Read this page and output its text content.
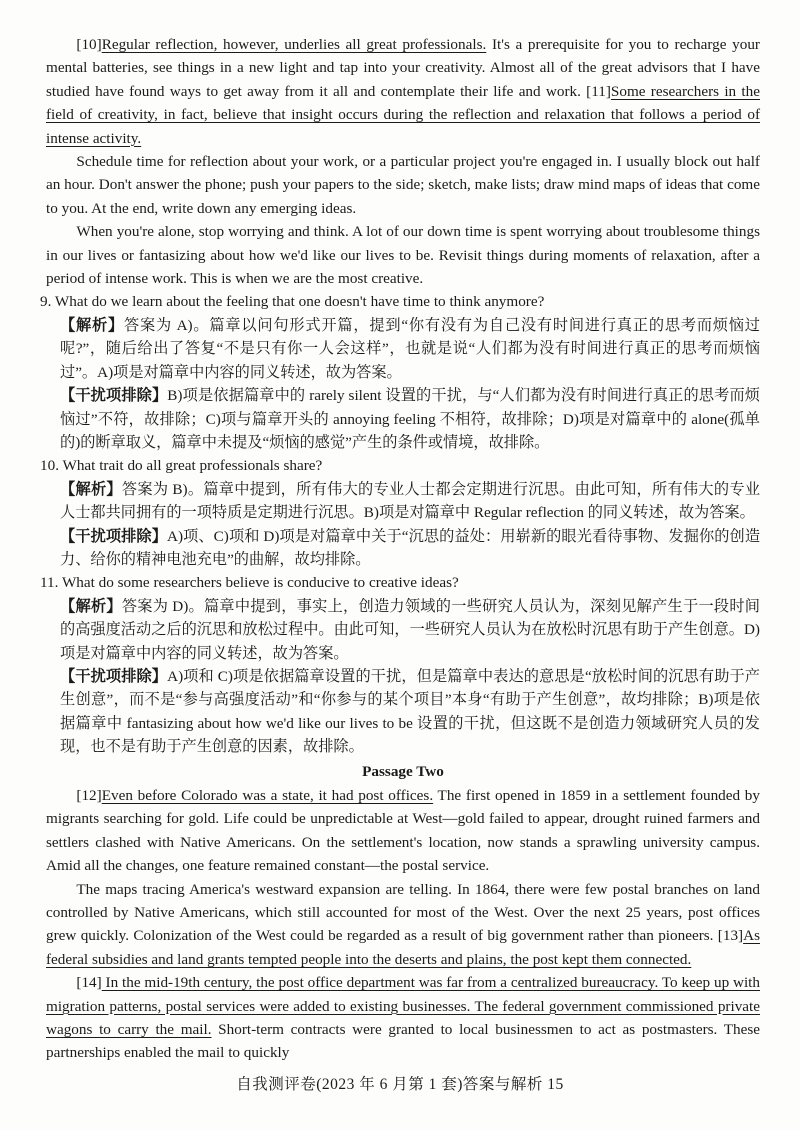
[10]Regular reflection, however, underlies all great professionals. It's a prerequisite for you to recharge your mental batteries, see things in a new light and tap into your creativity. Almost all of the great advisors that I have studied have found ways to get away from it all and contemplate their life and work. [11]Some researchers in the field of creativity, in fact, believe that insight occurs during the reflection and relaxation that follows a period of intense activity.

Schedule time for reflection about your work, or a particular project you're engaged in. I usually block out half an hour. Don't answer the phone; push your papers to the side; sketch, make lists; draw mind maps of ideas that come to you. At the end, write down any emerging ideas.

When you're alone, stop worrying and think. A lot of our down time is spent worrying about troublesome things in our lives or fantasizing about how we'd like our lives to be. Revisit things during moments of relaxation, after a period of intense work. This is when we are the most creative.

9. What do we learn about the feeling that one doesn't have time to think anymore?

【解析】答案为 A)。篇章以问句形式开篇，提到“你有没有为自己没有时间进行真正的思考而烦恼过呢?”，随后给出了答复“不是只有你一人会这样”，也就是说“人们都为没有时间进行真正的思考而烦恼过”。A)项是对篇章中内容的同义转述，故为答案。

【干扰项排除】B)项是依据篇章中的 rarely silent 设置的干扰，与“人们都为没有时间进行真正的思考而烦恼过”不符，故排除；C)项与篇章开头的 annoying feeling 不相符，故排除；D)项是对篇章中的 alone(孤单的)的断章取义，篇章中未提及“烦恼的感觉”产生的条件或情境，故排除。

10. What trait do all great professionals share?

【解析】答案为 B)。篇章中提到，所有伟大的专业人士都会定期进行沉思。由此可知，所有伟大的专业人士都共同拥有的一项特质是定期进行沉思。B)项是对篇章中 Regular reflection 的同义转述，故为答案。

【干扰项排除】A)项、C)项和 D)项是对篇章中关于“沉思的益处：用崭新的眼光看待事物、发掘你的创造力、给你的精神电池充电”的曲解，故均排除。

11. What do some researchers believe is conducive to creative ideas?

【解析】答案为 D)。篇章中提到，事实上，创造力领域的一些研究人员认为，深刻见解产生于一段时间的高强度活动之后的沉思和放松过程中。由此可知，一些研究人员认为在放松时沉思有助于产生创意。D)项是对篇章中内容的同义转述，故为答案。

【干扰项排除】A)项和 C)项是依据篇章设置的干扰，但是篇章中表达的意思是“放松时间的沉思有助于产生创意”，而不是“参与高强度活动”和“你参与的某个项目”本身“有助于产生创意”，故均排除；B)项是依据篇章中 fantasizing about how we'd like our lives to be 设置的干扰，但这既不是创造力领域研究人员的发现，也不是有助于产生创意的因素，故排除。

Passage Two

[12]Even before Colorado was a state, it had post offices. The first opened in 1859 in a settlement founded by migrants searching for gold. Life could be unpredictable at West—gold failed to appear, drought ruined farmers and settlers clashed with Native Americans. On the settlement's location, now stands a sprawling university campus. Amid all the changes, one feature remained constant—the postal service.

The maps tracing America's westward expansion are telling. In 1864, there were few postal branches on land controlled by Native Americans, which still accounted for most of the West. Over the next 25 years, post offices grew quickly. Colonization of the West could be regarded as a result of big government rather than pioneers. [13]As federal subsidies and land grants tempted people into the deserts and plains, the post kept them connected.

[14] In the mid-19th century, the post office department was far from a centralized bureaucracy. To keep up with migration patterns, postal services were added to existing businesses. The federal government commissioned private wagons to carry the mail. Short-term contracts were granted to local businessmen to act as postmasters. These partnerships enabled the mail to quickly

自我测评卷(2023 年 6 月第 1 套)答案与解析 15
